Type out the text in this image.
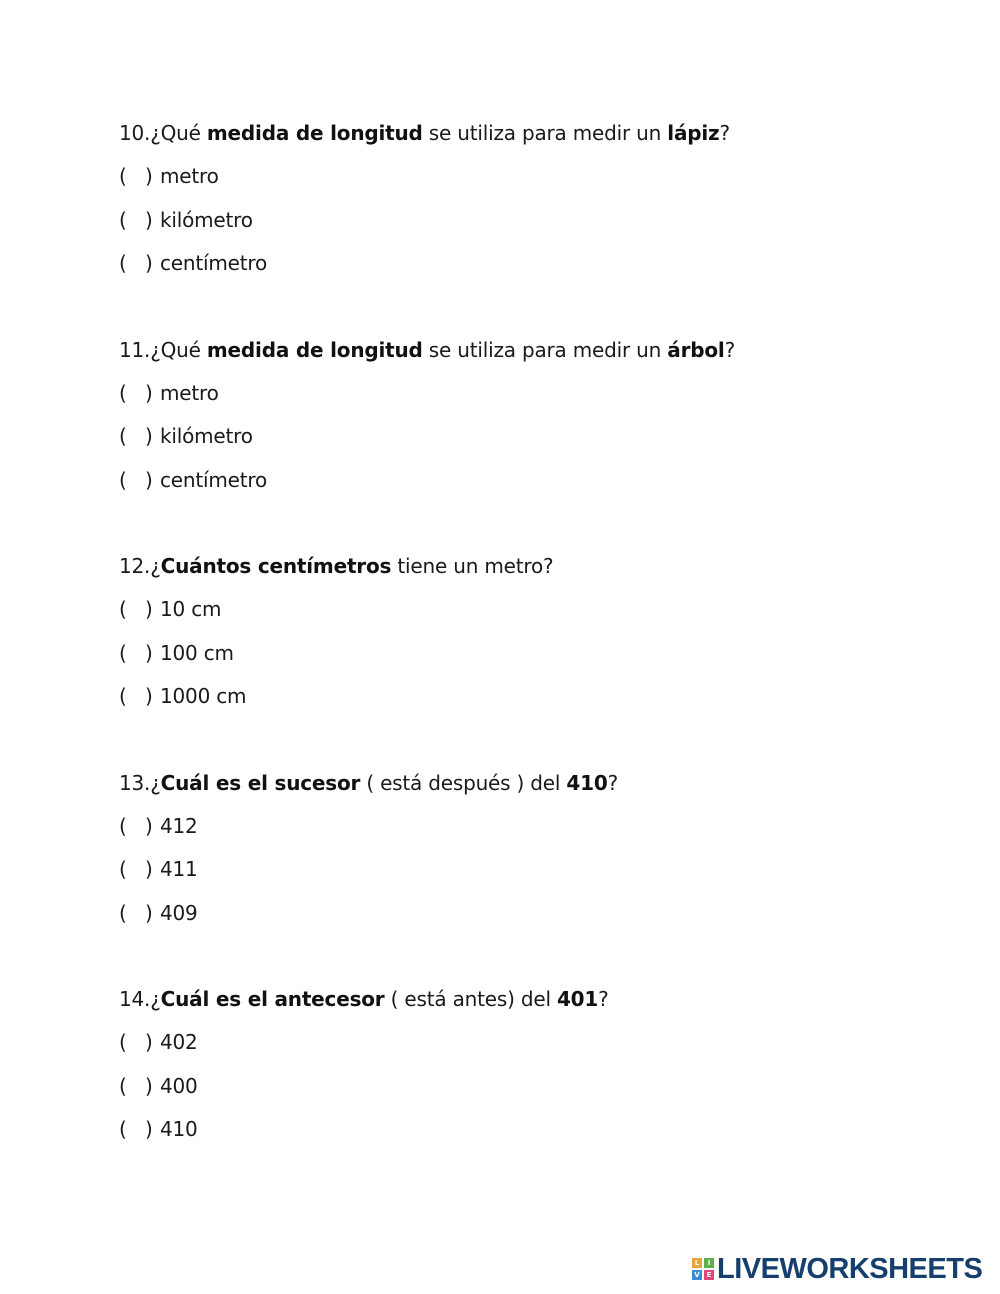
10.¿Qué medida de longitud se utiliza para medir un lápiz?
( ) metro
( ) kilómetro
( ) centímetro
11.¿Qué medida de longitud se utiliza para medir un árbol?
( ) metro
( ) kilómetro
( ) centímetro
12.¿Cuántos centímetros tiene un metro?
( ) 10 cm
( ) 100 cm
( ) 1000 cm
13.¿Cuál es el sucesor ( está después ) del 410?
( ) 412
( ) 411
( ) 409
14.¿Cuál es el antecesor ( está antes) del 401?
( ) 402
( ) 400
( ) 410
L	I
V E LIVEWORKSHEETS
